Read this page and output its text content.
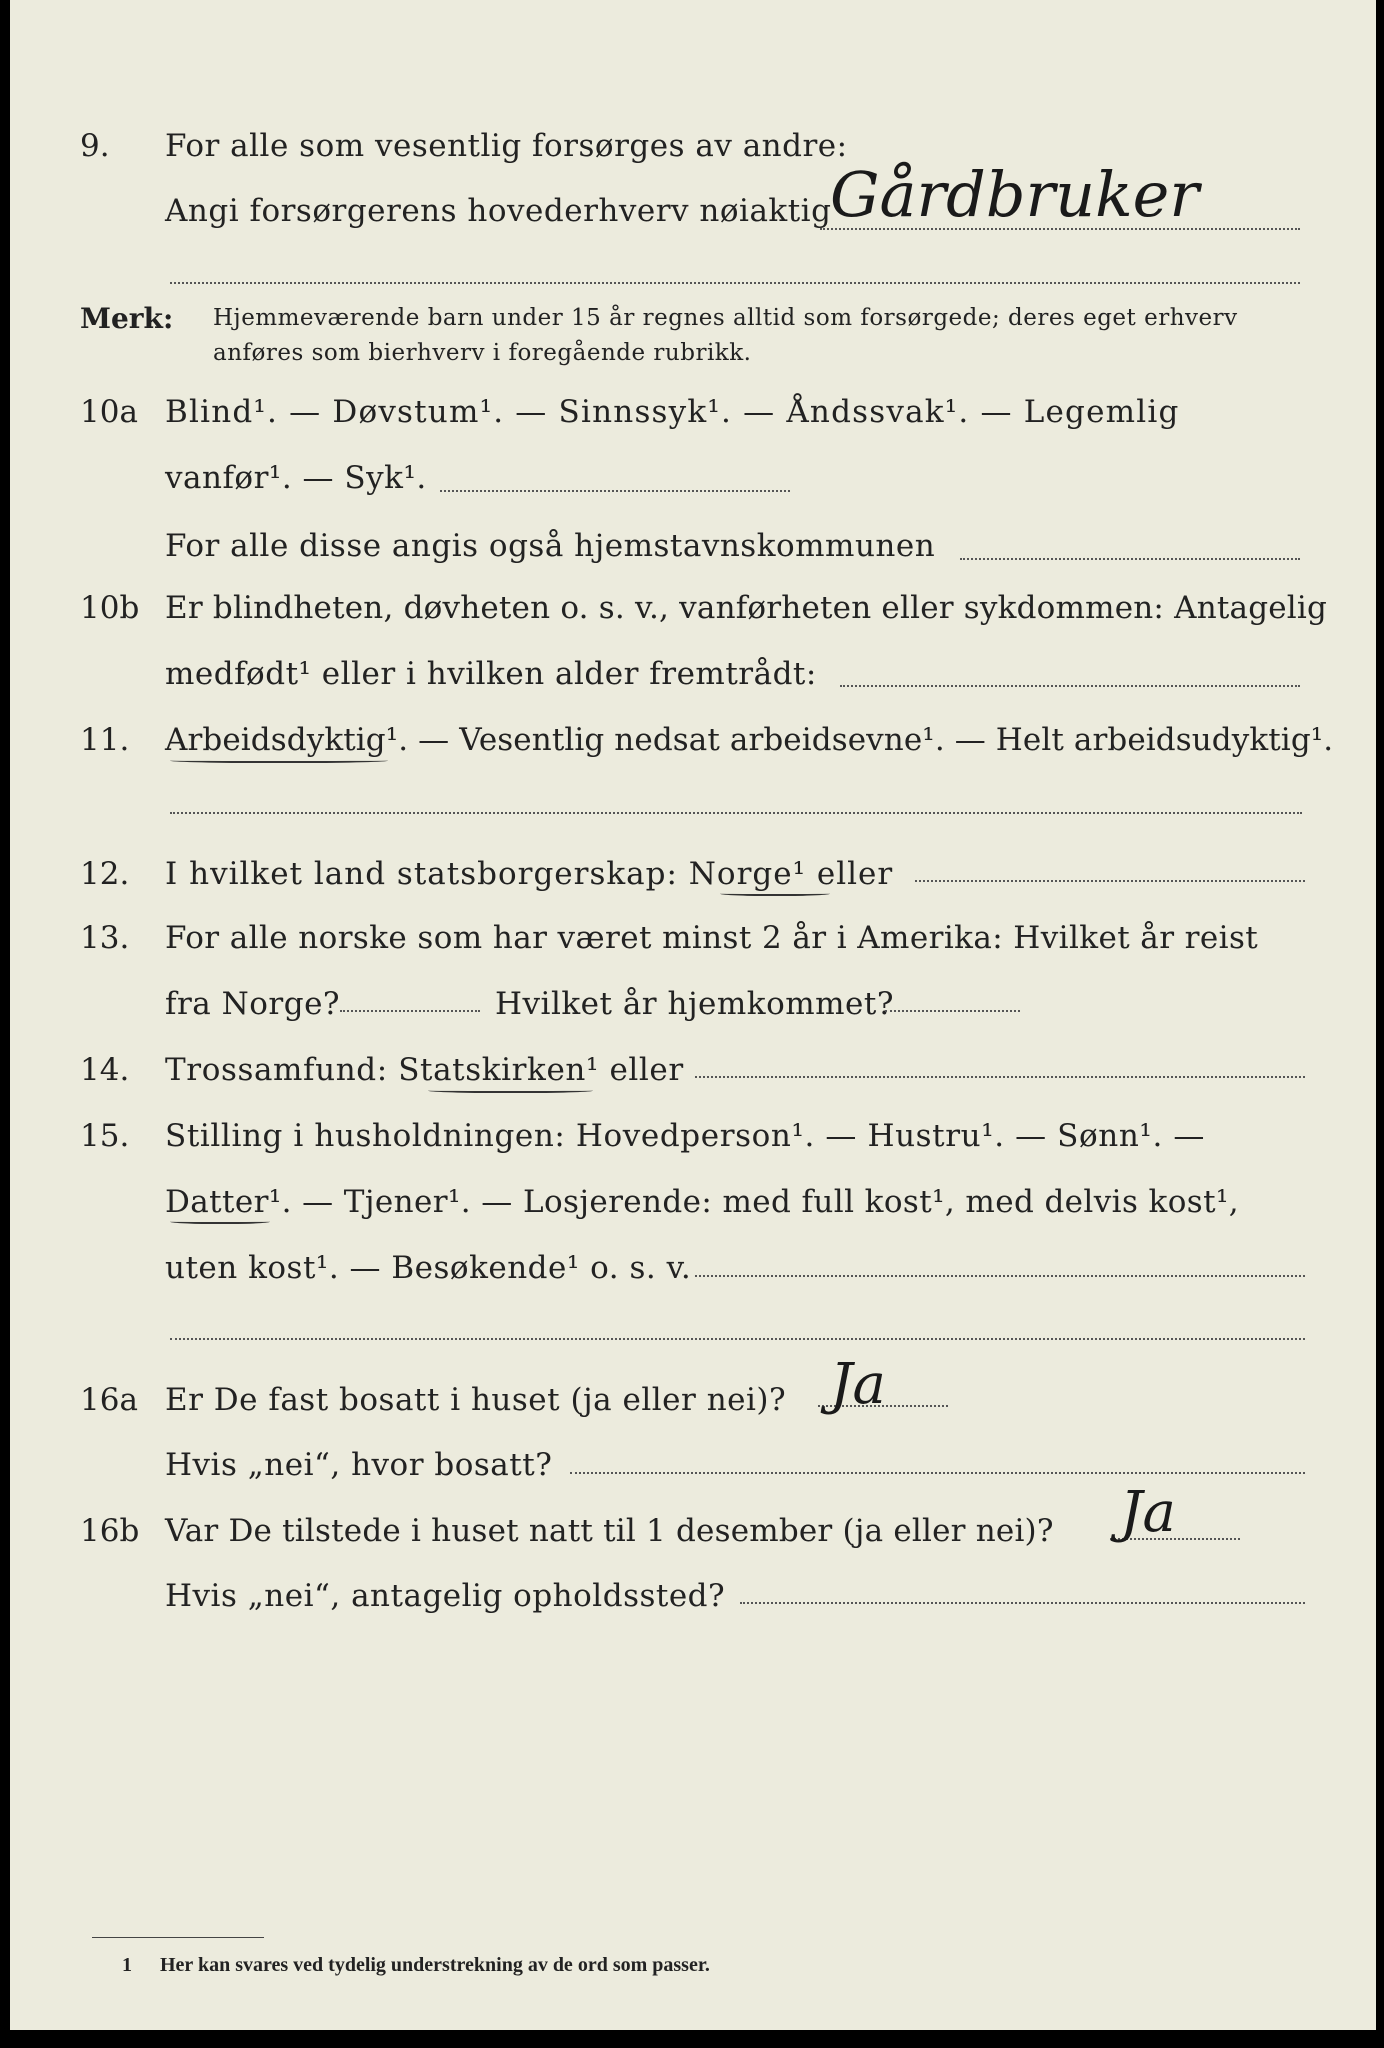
9. For alle som vesentlig forsørges av andre:
Angi forsørgerens hovederhverv nøiaktig
Gårdbruker
Merk: Hjemmeværende barn under 15 år regnes alltid som forsørgede; deres eget erhverv
anføres som bierhverv i foregående rubrikk.
10a Blind¹. — Døvstum¹. — Sinnssyk¹. — Åndssvak¹. — Legemlig
vanfør¹. — Syk¹.
For alle disse angis også hjemstavnskommunen
10b Er blindheten, døvheten o. s. v., vanførheten eller sykdommen: Antagelig
medfødt¹ eller i hvilken alder fremtrådt:
11. Arbeidsdyktig¹. — Vesentlig nedsat arbeidsevne¹. — Helt arbeidsudyktig¹.
12. I hvilket land statsborgerskap: Norge¹ eller
13. For alle norske som har været minst 2 år i Amerika: Hvilket år reist
fra Norge?	Hvilket år hjemkommet?
14. Trossamfund: Statskirken¹ eller
15. Stilling i husholdningen: Hovedperson¹. — Hustru¹. — Sønn¹. —
Datter¹. — Tjener¹. — Losjerende: med full kost¹, med delvis kost¹,
uten kost¹. — Besøkende¹ o. s. v.
16a Er De fast bosatt i huset (ja eller nei)? Ja
Hvis „nei“, hvor bosatt?
16b Var De tilstede i huset natt til 1 desember (ja eller nei)? Ja
Hvis „nei“, antagelig opholdssted?
1 Her kan svares ved tydelig understrekning av de ord som passer.
